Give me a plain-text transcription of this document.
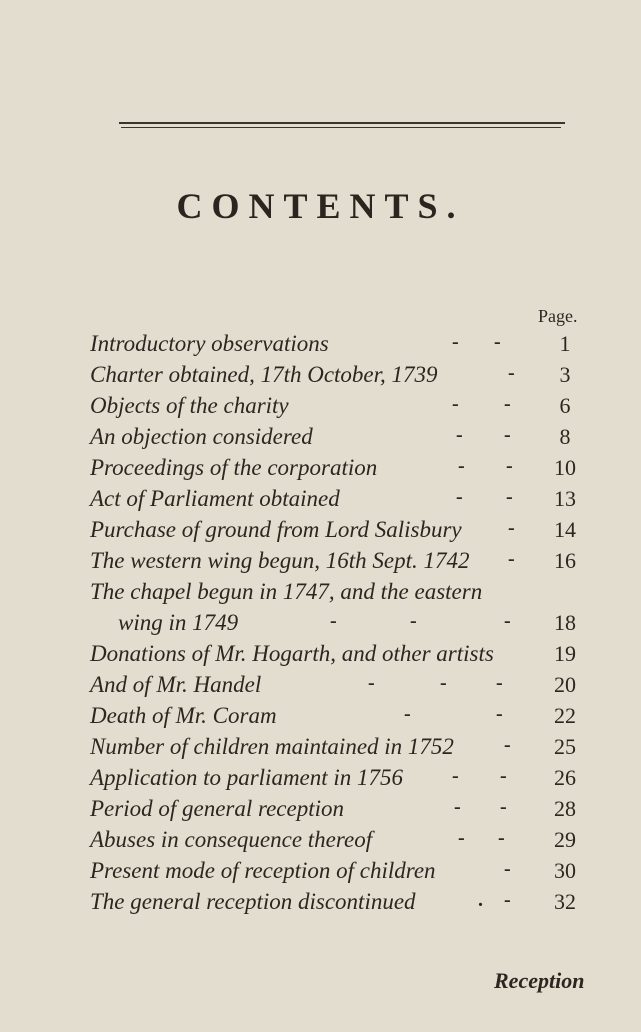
CONTENTS.
Page.
Introductory observations	- -	1
Charter obtained, 17th October, 1739	-	3
Objects of the charity	- -	6
An objection considered	- -	8
Proceedings of the corporation	- -	10
Act of Parliament obtained	- -	13
Purchase of ground from Lord Salisbury -	14
The western wing begun, 16th Sept. 1742 -	16
The chapel begun in 1747, and the eastern
wing in 1749	-	-	-	18
Donations of Mr. Hogarth, and other artists	19
And of Mr. Handel	-	- -	20
Death of Mr. Coram	-	-	22
Number of children maintained in 1752	-	25
Application to parliament in 1756 - -	26
Period of general reception	- -	28
Abuses in consequence thereof	- -	29
Present mode of reception of children	-	30
The general reception discontinued	. -	32
Reception
